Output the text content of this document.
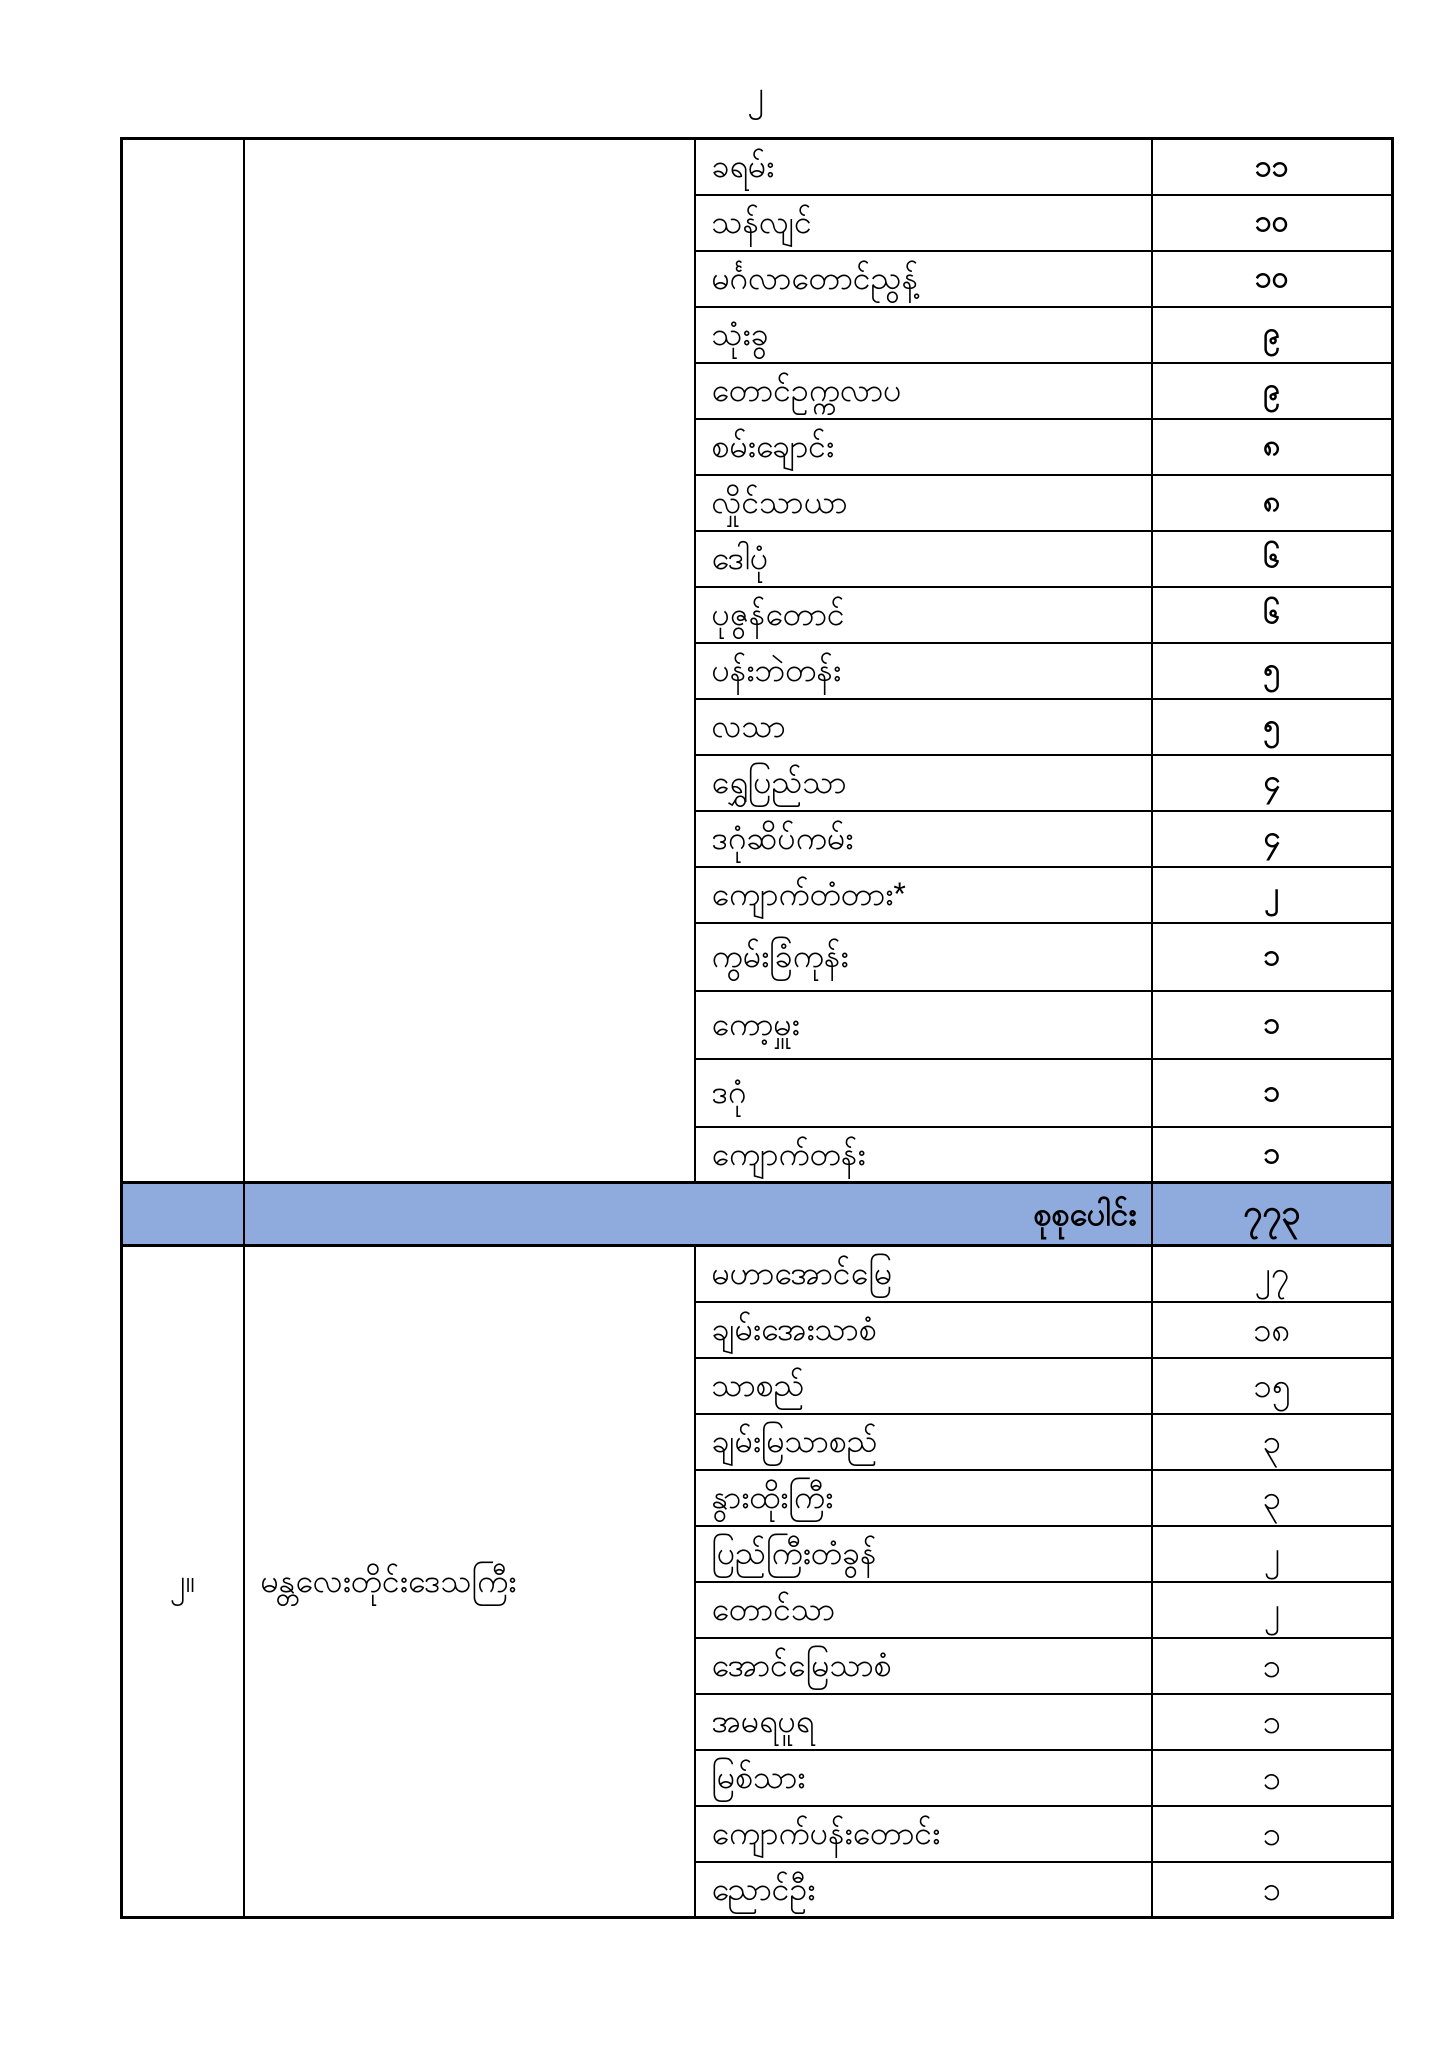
၂
		ခရမ်း	၁၁
		သန်လျင်	၁၀
		မင်္ဂလာတောင်ညွန့်	၁၀
		သုံးခွ	၉
		တောင်ဥက္ကလာပ	၉
		စမ်းချောင်း	၈
		လှိုင်သာယာ	၈
		ဒေါပုံ	၆
		ပုဇွန်တောင်	၆
		ပန်းဘဲတန်း	၅
		လသာ	၅
		ရွှေပြည်သာ	၄
		ဒဂုံဆိပ်ကမ်း	၄
		ကျောက်တံတား*	၂
		ကွမ်းခြံကုန်း	၁
		ကော့မှူး	၁
		ဒဂုံ	၁
		ကျောက်တန်း	၁
	စုစုပေါင်း		၇၇၃
၂။	မန္တလေးတိုင်းဒေသကြီး	မဟာအောင်မြေ	၂၇
		ချမ်းအေးသာစံ	၁၈
		သာစည်	၁၅
		ချမ်းမြသာစည်	၃
		နွားထိုးကြီး	၃
		ပြည်ကြီးတံခွန်	၂
		တောင်သာ	၂
		အောင်မြေသာစံ	၁
		အမရပူရ	၁
		မြစ်သား	၁
		ကျောက်ပန်းတောင်း	၁
		ညောင်ဦး	၁
